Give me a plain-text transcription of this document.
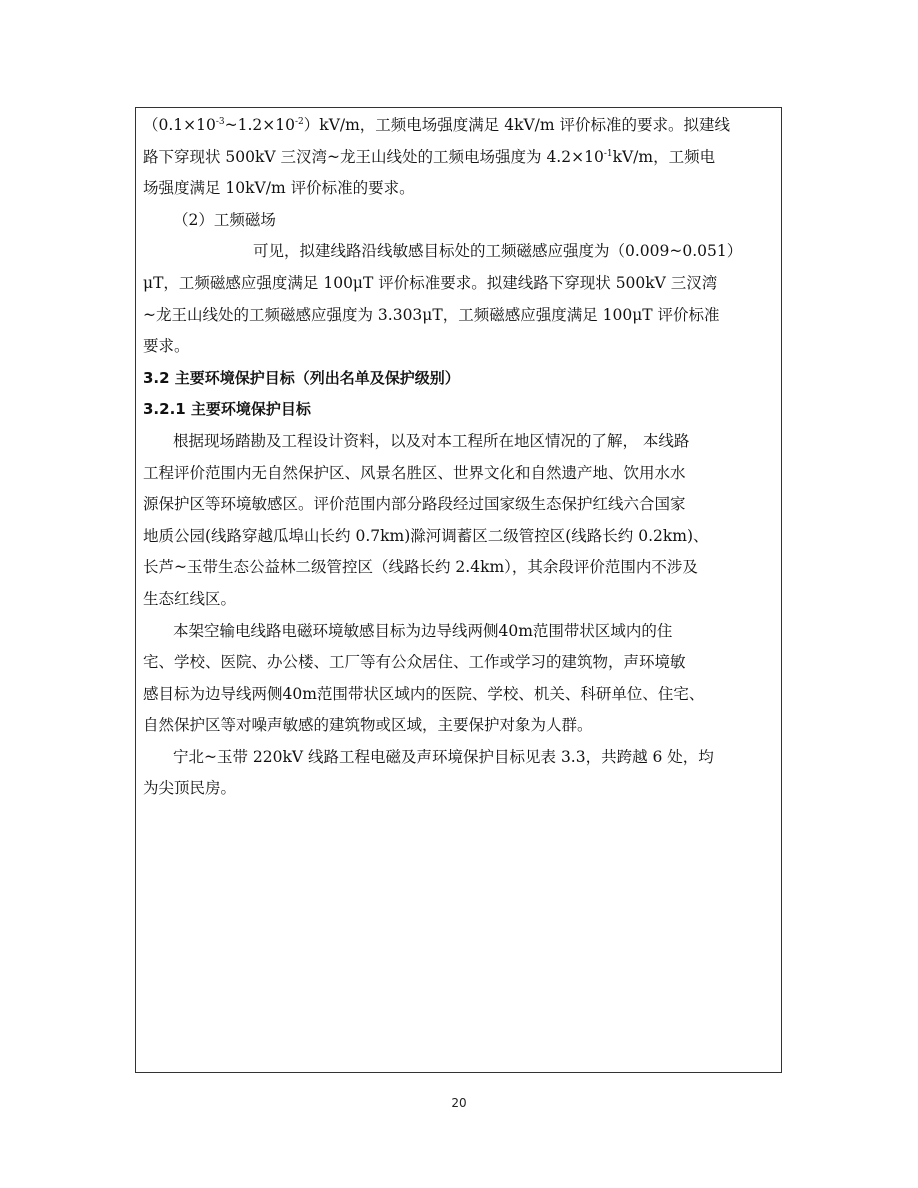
$(0.1\times 10^{-3}\sim 1.2\times 10^{-2})kV/m$，工频电场强度满足 4kV/m 评价标准的要求。拟建线
路下穿现状 500kV 三汊湾~龙王山线处的工频电场强度为 $4.2\times 10^{-1}kV/m$，工频电
场强度满足 10kV/m 评价标准的要求。
（2）工频磁场
可见，拟建线路沿线敏感目标处的工频磁感应强度为（0.009~0.051）
μT，工频磁感应强度满足 100μT 评价标准要求。拟建线路下穿现状 500kV 三汊湾
~龙王山线处的工频磁感应强度为 3.303μT，工频磁感应强度满足 100μT 评价标准
要求。
3.2 主要环境保护目标（列出名单及保护级别）
3.2.1 主要环境保护目标
根据现场踏勘及工程设计资料，以及对本工程所在地区情况的了解， 本线路
工程评价范围内无自然保护区、风景名胜区、世界文化和自然遗产地、饮用水水
源保护区等环境敏感区。评价范围内部分路段经过国家级生态保护红线六合国家
地质公园(线路穿越瓜埠山长约 0.7km)滁河调蓄区二级管控区(线路长约 0.2km)、
长芦~玉带生态公益林二级管控区（线路长约 2.4km），其余段评价范围内不涉及
生态红线区。
本架空输电线路电磁环境敏感目标为边导线两侧40m范围带状区域内的住
宅、学校、医院、办公楼、工厂等有公众居住、工作或学习的建筑物，声环境敏
感目标为边导线两侧40m范围带状区域内的医院、学校、机关、科研单位、住宅、
自然保护区等对噪声敏感的建筑物或区域，主要保护对象为人群。
宁北~玉带 220kV 线路工程电磁及声环境保护目标见表 3.3，共跨越 6 处，均
为尖顶民房。
20
